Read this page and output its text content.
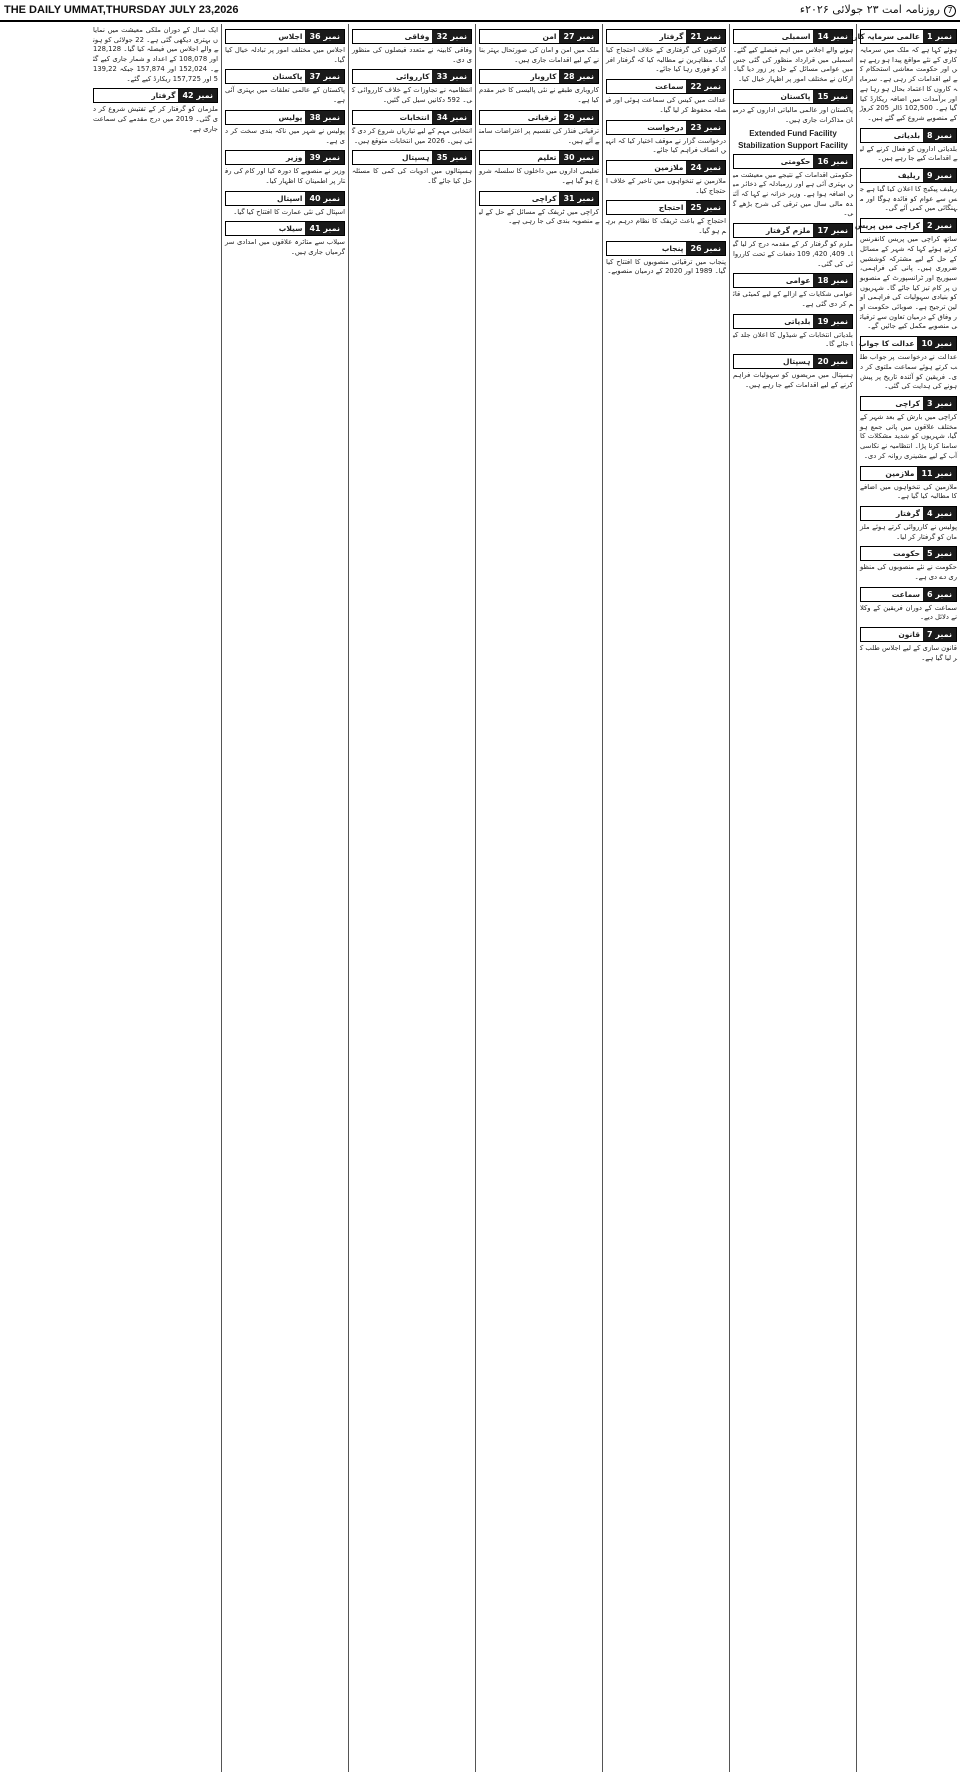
THE DAILY UMMAT,THURSDAY JULY 23,2026	7روزنامہ امت ۲۳ جولائی ۲۰۲۶ء
نمبر 1
عالمی سرمایہ کاری
ہوئے کہا ہے کہ ملک میں سرمایہ کاری کے نئے مواقع پیدا ہو رہے ہیں اور حکومت معاشی استحکام کے لیے اقدامات کر رہی ہے۔ سرمایہ کاروں کا اعتماد بحال ہو رہا ہے اور برآمدات میں اضافہ ریکارڈ کیا گیا ہے۔ 102,500 ڈالر 205 کروڑ کے منصوبے شروع کیے گئے ہیں۔
نمبر 8
بلدیاتی
بلدیاتی اداروں کو فعال کرنے کے لیے اقدامات کیے جا رہے ہیں۔
نمبر 9
ریلیف
ریلیف پیکیج کا اعلان کیا گیا ہے جس سے عوام کو فائدہ ہوگا اور مہنگائی میں کمی آئے گی۔
نمبر 2
کراچی میں پریس
ساتھ کراچی میں پریس کانفرنس کرتے ہوئے کہا کہ شہر کے مسائل کے حل کے لیے مشترکہ کوششیں ضروری ہیں۔ پانی کی فراہمی، سیوریج اور ٹرانسپورٹ کے منصوبوں پر کام تیز کیا جائے گا۔ شہریوں کو بنیادی سہولیات کی فراہمی اولین ترجیح ہے۔ صوبائی حکومت اور وفاق کے درمیان تعاون سے ترقیاتی منصوبے مکمل کیے جائیں گے۔
نمبر 10
عدالت کا جواب
عدالت نے درخواست پر جواب طلب کرتے ہوئے سماعت ملتوی کر دی۔ فریقین کو آئندہ تاریخ پر پیش ہونے کی ہدایت کی گئی۔
نمبر 3
کراچی
کراچی میں بارش کے بعد شہر کے مختلف علاقوں میں پانی جمع ہو گیا، شہریوں کو شدید مشکلات کا سامنا کرنا پڑا۔ انتظامیہ نے نکاسی آب کے لیے مشینری روانہ کر دی۔
نمبر 11
ملازمین
ملازمین کی تنخواہوں میں اضافے کا مطالبہ کیا گیا ہے۔
نمبر 4
گرفتار
پولیس نے کارروائی کرتے ہوئے ملزمان کو گرفتار کر لیا۔
نمبر 5
حکومت
حکومت نے نئے منصوبوں کی منظوری دے دی ہے۔
نمبر 6
سماعت
سماعت کے دوران فریقین کے وکلا نے دلائل دیے۔
نمبر 7
قانون
قانون سازی کے لیے اجلاس طلب کر لیا گیا ہے۔
نمبر 14
اسمبلی
ہونے والے اجلاس میں اہم فیصلے کیے گئے۔ اسمبلی میں قرارداد منظور کی گئی جس میں عوامی مسائل کے حل پر زور دیا گیا۔ ارکان نے مختلف امور پر اظہار خیال کیا۔
نمبر 15
پاکستان
پاکستان اور عالمی مالیاتی اداروں کے درمیان مذاکرات جاری ہیں۔
Extended Fund Facility
Stabilization Support Facility
نمبر 16
حکومتی
حکومتی اقدامات کے نتیجے میں معیشت میں بہتری آئی ہے اور زرمبادلہ کے ذخائر میں اضافہ ہوا ہے۔ وزیر خزانہ نے کہا کہ آئندہ مالی سال میں ترقی کی شرح بڑھے گی۔
نمبر 17
ملزم گرفتار
ملزم کو گرفتار کر کے مقدمہ درج کر لیا گیا۔ 409, 420, 109 دفعات کے تحت کارروائی کی گئی۔
نمبر 18
عوامی
عوامی شکایات کے ازالے کے لیے کمیٹی قائم کر دی گئی ہے۔
نمبر 19
بلدیاتی
بلدیاتی انتخابات کے شیڈول کا اعلان جلد کیا جائے گا۔
نمبر 20
ہسپتال
ہسپتال میں مریضوں کو سہولیات فراہم کرنے کے لیے اقدامات کیے جا رہے ہیں۔
نمبر 21
گرفتار
کارکنوں کی گرفتاری کے خلاف احتجاج کیا گیا۔ مظاہرین نے مطالبہ کیا کہ گرفتار افراد کو فوری رہا کیا جائے۔
نمبر 22
سماعت
عدالت میں کیس کی سماعت ہوئی اور فیصلہ محفوظ کر لیا گیا۔
نمبر 23
درخواست
درخواست گزار نے موقف اختیار کیا کہ انہیں انصاف فراہم کیا جائے۔
نمبر 24
ملازمین
ملازمین نے تنخواہوں میں تاخیر کے خلاف احتجاج کیا۔
نمبر 25
احتجاج
احتجاج کے باعث ٹریفک کا نظام درہم برہم ہو گیا۔
نمبر 26
پنجاب
پنجاب میں ترقیاتی منصوبوں کا افتتاح کیا گیا۔ 1989 اور 2020 کے درمیان منصوبے۔
نمبر 27
امن
ملک میں امن و امان کی صورتحال بہتر بنانے کے لیے اقدامات جاری ہیں۔
نمبر 28
کاروبار
کاروباری طبقے نے نئی پالیسی کا خیر مقدم کیا ہے۔
نمبر 29
ترقیاتی
ترقیاتی فنڈز کی تقسیم پر اعتراضات سامنے آئے ہیں۔
نمبر 30
تعلیم
تعلیمی اداروں میں داخلوں کا سلسلہ شروع ہو گیا ہے۔
نمبر 31
کراچی
کراچی میں ٹریفک کے مسائل کے حل کے لیے منصوبہ بندی کی جا رہی ہے۔
نمبر 32
وفاقی
وفاقی کابینہ نے متعدد فیصلوں کی منظوری دی۔
نمبر 33
کارروائی
انتظامیہ نے تجاوزات کے خلاف کارروائی کی۔ 592 دکانیں سیل کی گئیں۔
نمبر 34
انتخابات
انتخابی مہم کے لیے تیاریاں شروع کر دی گئی ہیں۔ 2026 میں انتخابات متوقع ہیں۔
نمبر 35
ہسپتال
ہسپتالوں میں ادویات کی کمی کا مسئلہ حل کیا جائے گا۔
نمبر 36
اجلاس
اجلاس میں مختلف امور پر تبادلہ خیال کیا گیا۔
نمبر 37
پاکستان
پاکستان کے عالمی تعلقات میں بہتری آئی ہے۔
نمبر 38
پولیس
پولیس نے شہر میں ناکہ بندی سخت کر دی ہے۔
نمبر 39
وزیر
وزیر نے منصوبے کا دورہ کیا اور کام کی رفتار پر اطمینان کا اظہار کیا۔
نمبر 40
اسپتال
اسپتال کی نئی عمارت کا افتتاح کیا گیا۔
نمبر 41
سیلاب
سیلاب سے متاثرہ علاقوں میں امدادی سرگرمیاں جاری ہیں۔
ایک سال کے دوران ملکی معیشت میں نمایاں بہتری دیکھی گئی ہے۔ 22 جولائی کو ہونے والے اجلاس میں فیصلہ کیا گیا۔ 128,128 اور 108,078 کے اعداد و شمار جاری کیے گئے۔ 152,024 اور 157,874 جبکہ 139,225 اور 157,725 ریکارڈ کیے گئے۔
نمبر 42
گرفتار
ملزمان کو گرفتار کر کے تفتیش شروع کر دی گئی۔ 2019 میں درج مقدمے کی سماعت جاری ہے۔
